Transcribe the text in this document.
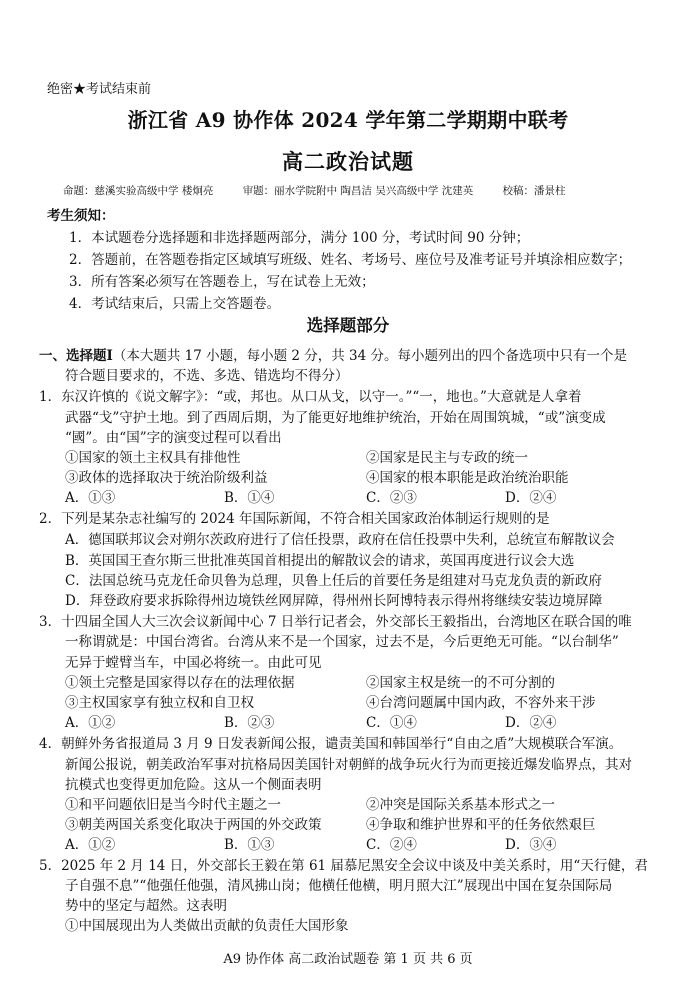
绝密★考试结束前
浙江省 A9 协作体 2024 学年第二学期期中联考
高二政治试题
命题：慈溪实验高级中学 楼炯亮	审题：丽水学院附中 陶昌洁 吴兴高级中学 沈建英	校稿：潘景柱
考生须知：
1．本试题卷分选择题和非选择题两部分，满分 100 分，考试时间 90 分钟；
2．答题前，在答题卷指定区域填写班级、姓名、考场号、座位号及准考证号并填涂相应数字；
3．所有答案必须写在答题卷上，写在试卷上无效；
4．考试结束后，只需上交答题卷。
选择题部分
一、选择题Ⅰ（本大题共 17 小题，每小题 2 分，共 34 分。每小题列出的四个备选项中只有一个是
符合题目要求的，不选、多选、错选均不得分）
1．东汉许慎的《说文解字》：“或，邦也。从口从戈，以守一。”“一，地也。”大意就是人拿着
武器“戈”守护土地。到了西周后期，为了能更好地维护统治，开始在周围筑城，“或”演变成
“國”。由“国”字的演变过程可以看出
①国家的领土主权具有排他性	②国家是民主与专政的统一
③政体的选择取决于统治阶级利益	④国家的根本职能是政治统治职能
A．①③	B．①④	C．②③	D．②④
2．下列是某杂志社编写的 2024 年国际新闻，不符合相关国家政治体制运行规则的是
A．德国联邦议会对朔尔茨政府进行了信任投票，政府在信任投票中失利，总统宣布解散议会
B．英国国王查尔斯三世批准英国首相提出的解散议会的请求，英国再度进行议会大选
C．法国总统马克龙任命贝鲁为总理，贝鲁上任后的首要任务是组建对马克龙负责的新政府
D．拜登政府要求拆除得州边境铁丝网屏障，得州州长阿博特表示得州将继续安装边境屏障
3．十四届全国人大三次会议新闻中心 7 日举行记者会，外交部长王毅指出，台湾地区在联合国的唯
一称谓就是：中国台湾省。台湾从来不是一个国家，过去不是，今后更绝无可能。“以台制华”
无异于螳臂当车，中国必将统一。由此可见
①领土完整是国家得以存在的法理依据	②国家主权是统一的不可分割的
③主权国家享有独立权和自卫权	④台湾问题属中国内政，不容外来干涉
A．①②	B．②③	C．①④	D．②④
4．朝鲜外务省报道局 3 月 9 日发表新闻公报，谴责美国和韩国举行“自由之盾”大规模联合军演。
新闻公报说，朝美政治军事对抗格局因美国针对朝鲜的战争玩火行为而更接近爆发临界点，其对
抗模式也变得更加危险。这从一个侧面表明
①和平问题依旧是当今时代主题之一	②冲突是国际关系基本形式之一
③朝美两国关系变化取决于两国的外交政策	④争取和维护世界和平的任务依然艰巨
A．①②	B．①③	C．②④	D．③④
5．2025 年 2 月 14 日，外交部长王毅在第 61 届慕尼黑安全会议中谈及中美关系时，用“天行健，君
子自强不息”“他强任他强，清风拂山岗；他横任他横，明月照大江”展现出中国在复杂国际局
势中的坚定与超然。这表明
①中国展现出为人类做出贡献的负责任大国形象
A9 协作体 高二政治试题卷 第 1 页 共 6 页
